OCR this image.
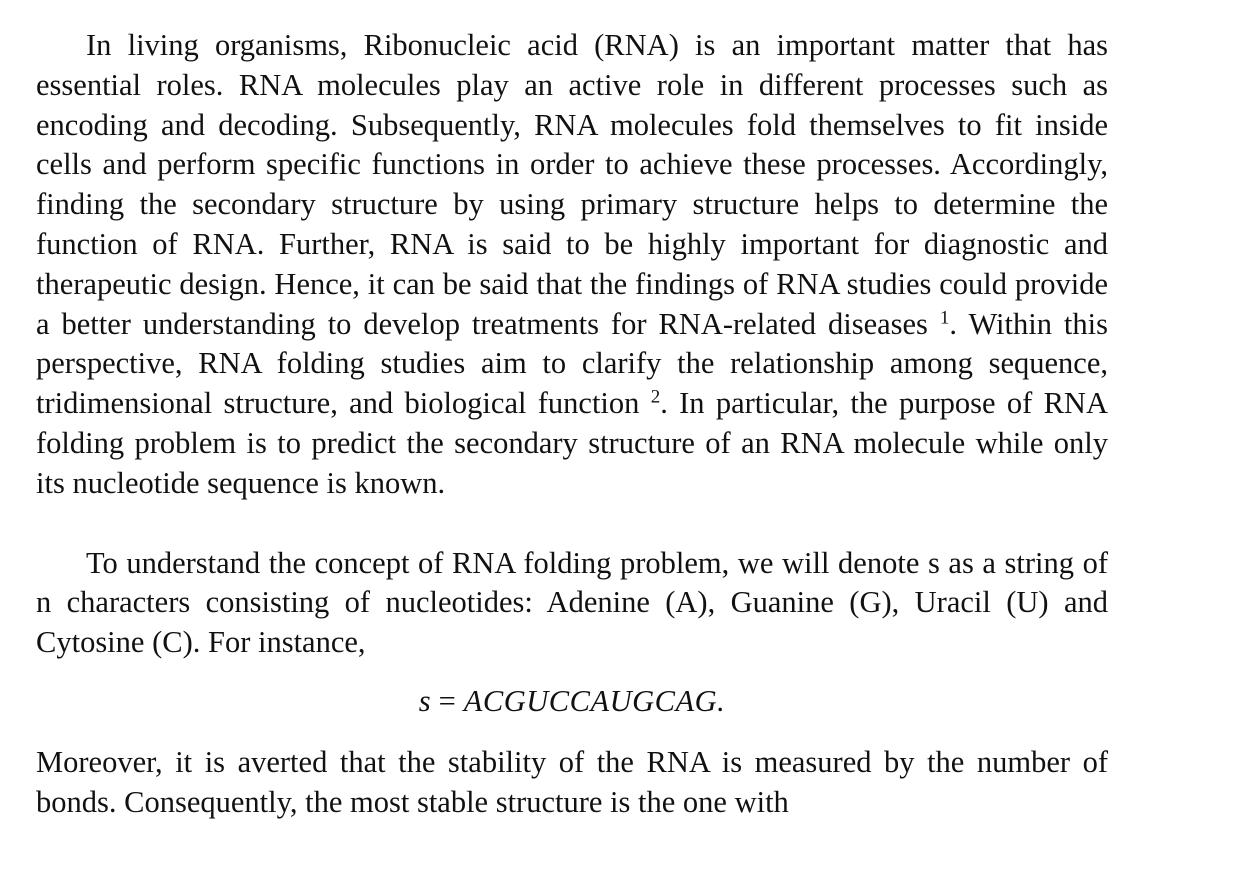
In living organisms, Ribonucleic acid (RNA) is an important matter that has essential roles. RNA molecules play an active role in different processes such as encoding and decoding. Subsequently, RNA molecules fold themselves to fit inside cells and perform specific functions in order to achieve these processes. Accordingly, finding the secondary structure by using primary structure helps to determine the function of RNA. Further, RNA is said to be highly important for diagnostic and therapeutic design. Hence, it can be said that the findings of RNA studies could provide a better understanding to develop treatments for RNA-related diseases $^1$. Within this perspective, RNA folding studies aim to clarify the relationship among sequence, tridimensional structure, and biological function $^2$. In particular, the purpose of RNA folding problem is to predict the secondary structure of an RNA molecule while only its nucleotide sequence is known.

To understand the concept of RNA folding problem, we will denote s as a string of n characters consisting of nucleotides: Adenine (A), Guanine (G), Uracil (U) and Cytosine (C). For instance,

s = ACGUCCAUGCAG.

Moreover, it is averted that the stability of the RNA is measured by the number of bonds. Consequently, the most stable structure is the one with
